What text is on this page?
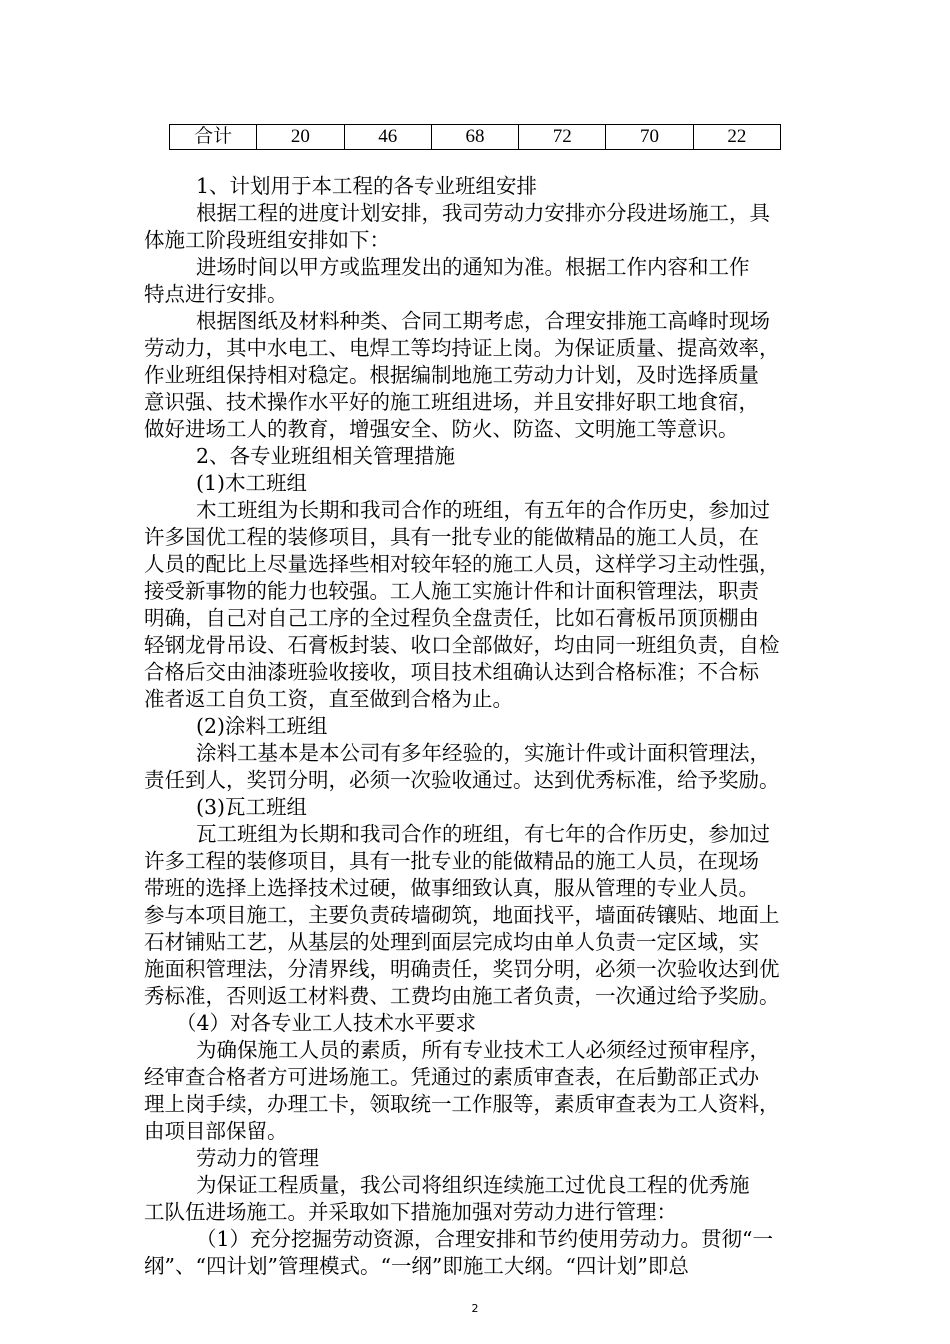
合计	20	46	68	72	70	22
1、计划用于本工程的各专业班组安排
根据工程的进度计划安排，我司劳动力安排亦分段进场施工，具
体施工阶段班组安排如下：
进场时间以甲方或监理发出的通知为准。根据工作内容和工作
特点进行安排。
根据图纸及材料种类、合同工期考虑，合理安排施工高峰时现场
劳动力，其中水电工、电焊工等均持证上岗。为保证质量、提高效率，
作业班组保持相对稳定。根据编制地施工劳动力计划，及时选择质量
意识强、技术操作水平好的施工班组进场，并且安排好职工地食宿，
做好进场工人的教育，增强安全、防火、防盗、文明施工等意识。
2、各专业班组相关管理措施
(1)木工班组
木工班组为长期和我司合作的班组，有五年的合作历史，参加过
许多国优工程的装修项目，具有一批专业的能做精品的施工人员，在
人员的配比上尽量选择些相对较年轻的施工人员，这样学习主动性强，
接受新事物的能力也较强。工人施工实施计件和计面积管理法，职责
明确，自己对自己工序的全过程负全盘责任，比如石膏板吊顶顶棚由
轻钢龙骨吊设、石膏板封装、收口全部做好，均由同一班组负责，自检
合格后交由油漆班验收接收，项目技术组确认达到合格标准；不合标
准者返工自负工资，直至做到合格为止。
(2)涂料工班组
涂料工基本是本公司有多年经验的，实施计件或计面积管理法，
责任到人，奖罚分明，必须一次验收通过。达到优秀标准，给予奖励。
(3)瓦工班组
瓦工班组为长期和我司合作的班组，有七年的合作历史，参加过
许多工程的装修项目，具有一批专业的能做精品的施工人员，在现场
带班的选择上选择技术过硬，做事细致认真，服从管理的专业人员。
参与本项目施工，主要负责砖墙砌筑，地面找平，墙面砖镶贴、地面上
石材铺贴工艺，从基层的处理到面层完成均由单人负责一定区域，实
施面积管理法，分清界线，明确责任，奖罚分明，必须一次验收达到优
秀标准，否则返工材料费、工费均由施工者负责，一次通过给予奖励。
（4）对各专业工人技术水平要求
为确保施工人员的素质，所有专业技术工人必须经过预审程序，
经审查合格者方可进场施工。凭通过的素质审查表，在后勤部正式办
理上岗手续，办理工卡，领取统一工作服等，素质审查表为工人资料，
由项目部保留。
劳动力的管理
为保证工程质量，我公司将组织连续施工过优良工程的优秀施
工队伍进场施工。并采取如下措施加强对劳动力进行管理：
（1）充分挖掘劳动资源，合理安排和节约使用劳动力。贯彻“一
纲”、“四计划”管理模式。“一纲”即施工大纲。“四计划”即总
2
